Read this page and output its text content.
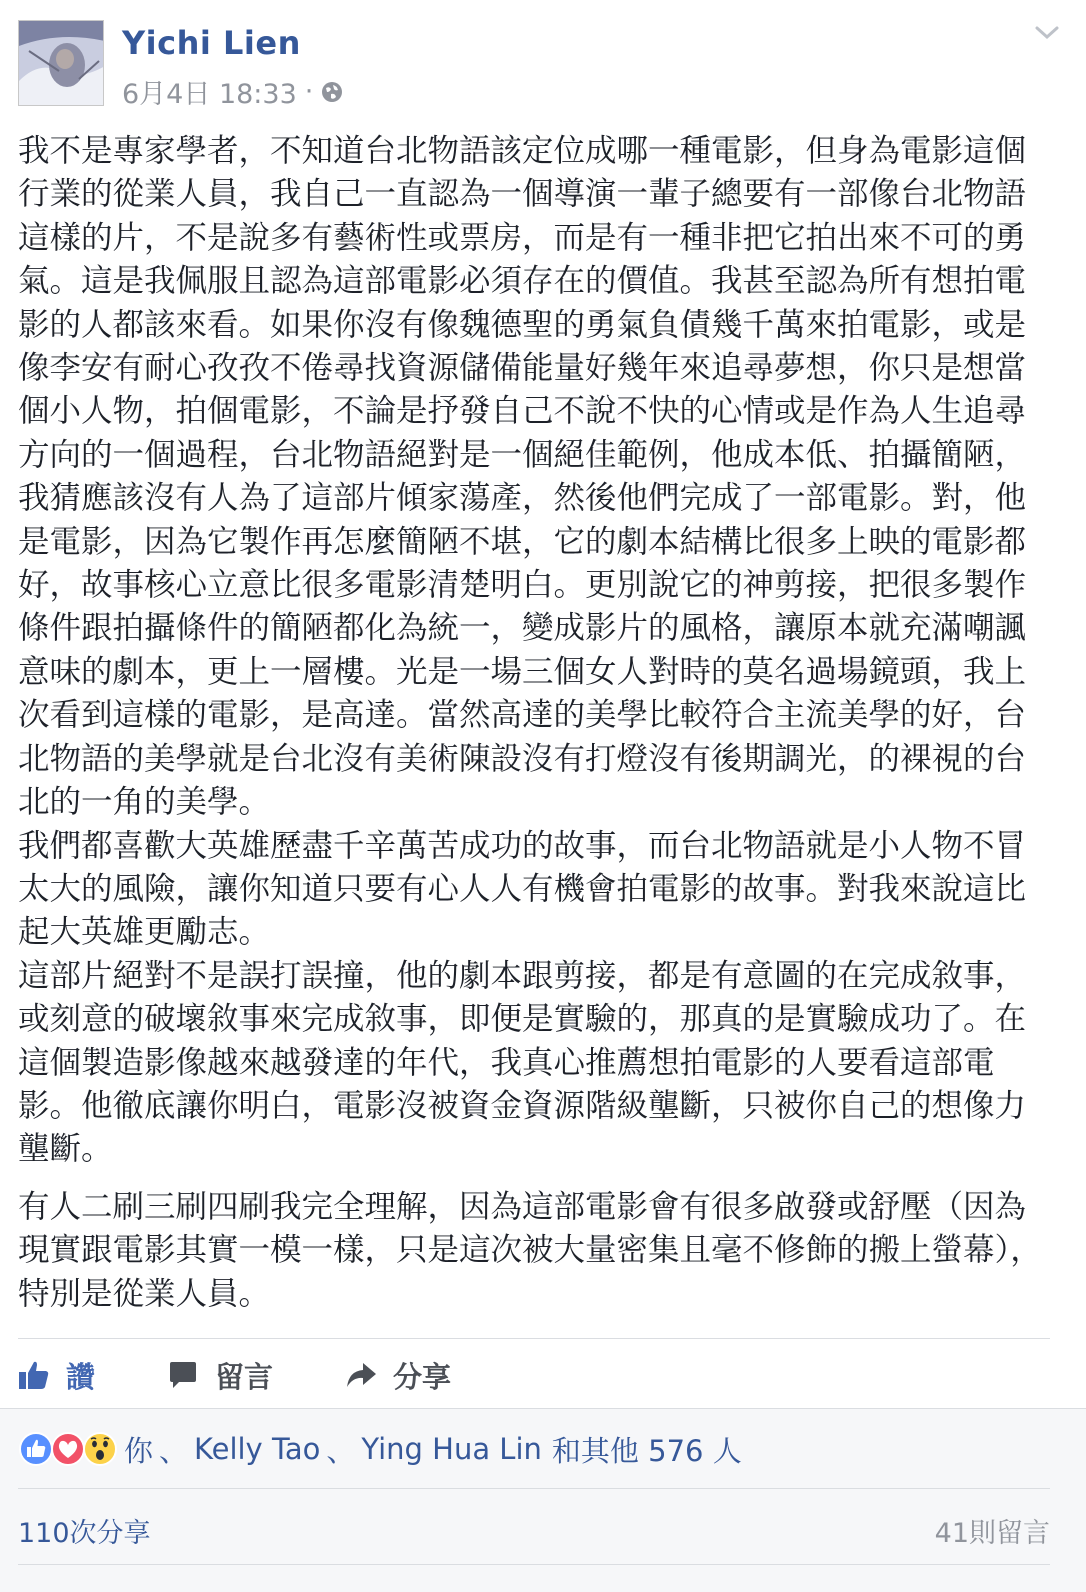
Yichi Lien
6月4日 18:33 ·

我不是專家學者，不知道台北物語該定位成哪一種電影，但身為電影這個行業的從業人員，我自己一直認為一個導演一輩子總要有一部像台北物語這樣的片，不是說多有藝術性或票房，而是有一種非把它拍出來不可的勇氣。這是我佩服且認為這部電影必須存在的價值。我甚至認為所有想拍電影的人都該來看。如果你沒有像魏德聖的勇氣負債幾千萬來拍電影，或是像李安有耐心孜孜不倦尋找資源儲備能量好幾年來追尋夢想，你只是想當個小人物，拍個電影，不論是抒發自己不說不快的心情或是作為人生追尋方向的一個過程，台北物語絕對是一個絕佳範例，他成本低、拍攝簡陋，我猜應該沒有人為了這部片傾家蕩產，然後他們完成了一部電影。對，他是電影，因為它製作再怎麼簡陋不堪，它的劇本結構比很多上映的電影都好，故事核心立意比很多電影清楚明白。更別說它的神剪接，把很多製作條件跟拍攝條件的簡陋都化為統一，變成影片的風格，讓原本就充滿嘲諷意味的劇本，更上一層樓。光是一場三個女人對時的莫名過場鏡頭，我上次看到這樣的電影，是高達。當然高達的美學比較符合主流美學的好，台北物語的美學就是台北沒有美術陳設沒有打燈沒有後期調光，的裸視的台北的一角的美學。

我們都喜歡大英雄歷盡千辛萬苦成功的故事，而台北物語就是小人物不冒太大的風險，讓你知道只要有心人人有機會拍電影的故事。對我來說這比起大英雄更勵志。

這部片絕對不是誤打誤撞，他的劇本跟剪接，都是有意圖的在完成敘事，或刻意的破壞敘事來完成敘事，即便是實驗的，那真的是實驗成功了。在這個製造影像越來越發達的年代，我真心推薦想拍電影的人要看這部電影。他徹底讓你明白，電影沒被資金資源階級壟斷，只被你自己的想像力壟斷。

有人二刷三刷四刷我完全理解，因為這部電影會有很多啟發或舒壓（因為現實跟電影其實一模一樣，只是這次被大量密集且毫不修飾的搬上螢幕），特別是從業人員。

讚	留言	分享
你 、 Kelly Tao 、 Ying Hua Lin 和其他 576 人
110次分享	41則留言
